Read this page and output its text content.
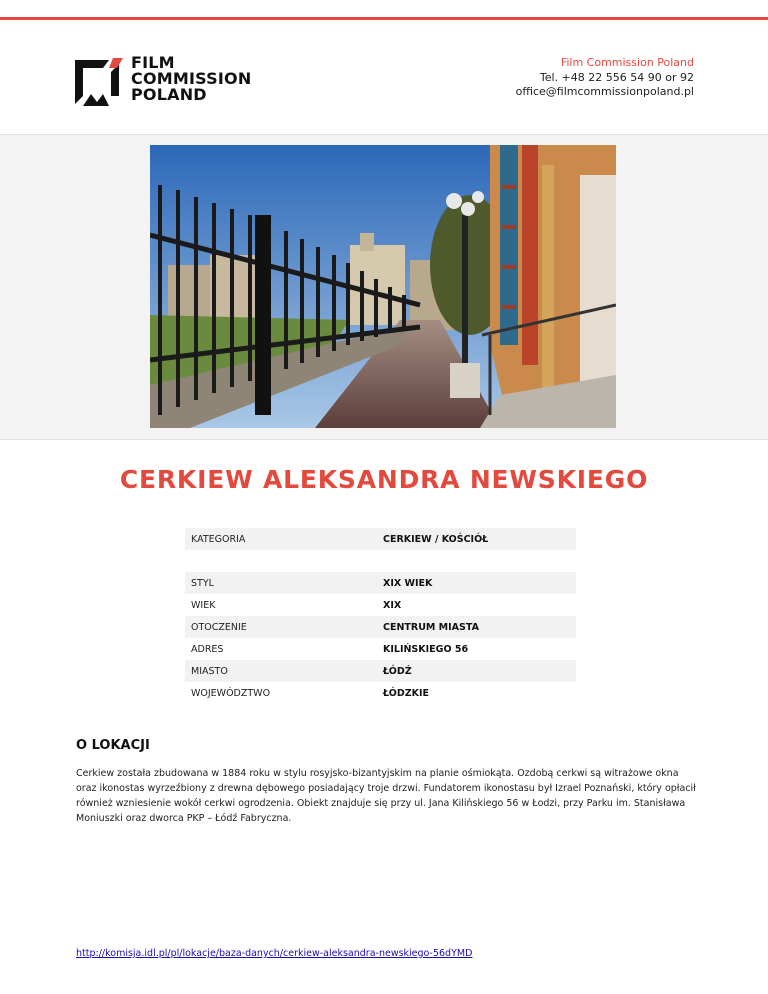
FILM
COMMISSION
POLAND
Film Commission Poland
Tel. +48 22 556 54 90 or 92
office@filmcommissionpoland.pl
CERKIEW ALEKSANDRA NEWSKIEGO
KATEGORIA	CERKIEW / KOŚCIÓŁ
STYL	XIX WIEK
WIEK	XIX
OTOCZENIE	CENTRUM MIASTA
ADRES	KILIŃSKIEGO 56
MIASTO	ŁÓDŹ
WOJEWÓDZTWO	ŁÓDZKIE
O LOKACJI

Cerkiew została zbudowana w 1884 roku w stylu rosyjsko-bizantyjskim na planie ośmiokąta. Ozdobą cerkwi są witrażowe okna oraz ikonostas wyrzeźbiony z drewna dębowego posiadający troje drzwi. Fundatorem ikonostasu był Izrael Poznański, który opłacił również wzniesienie wokół cerkwi ogrodzenia. Obiekt znajduje się przy ul. Jana Kilińskiego 56 w Łodzi, przy Parku im. Stanisława Moniuszki oraz dworca PKP – Łódź Fabryczna.

http://komisja.idl.pl/pl/lokacje/baza-danych/cerkiew-aleksandra-newskiego-56dYMD
